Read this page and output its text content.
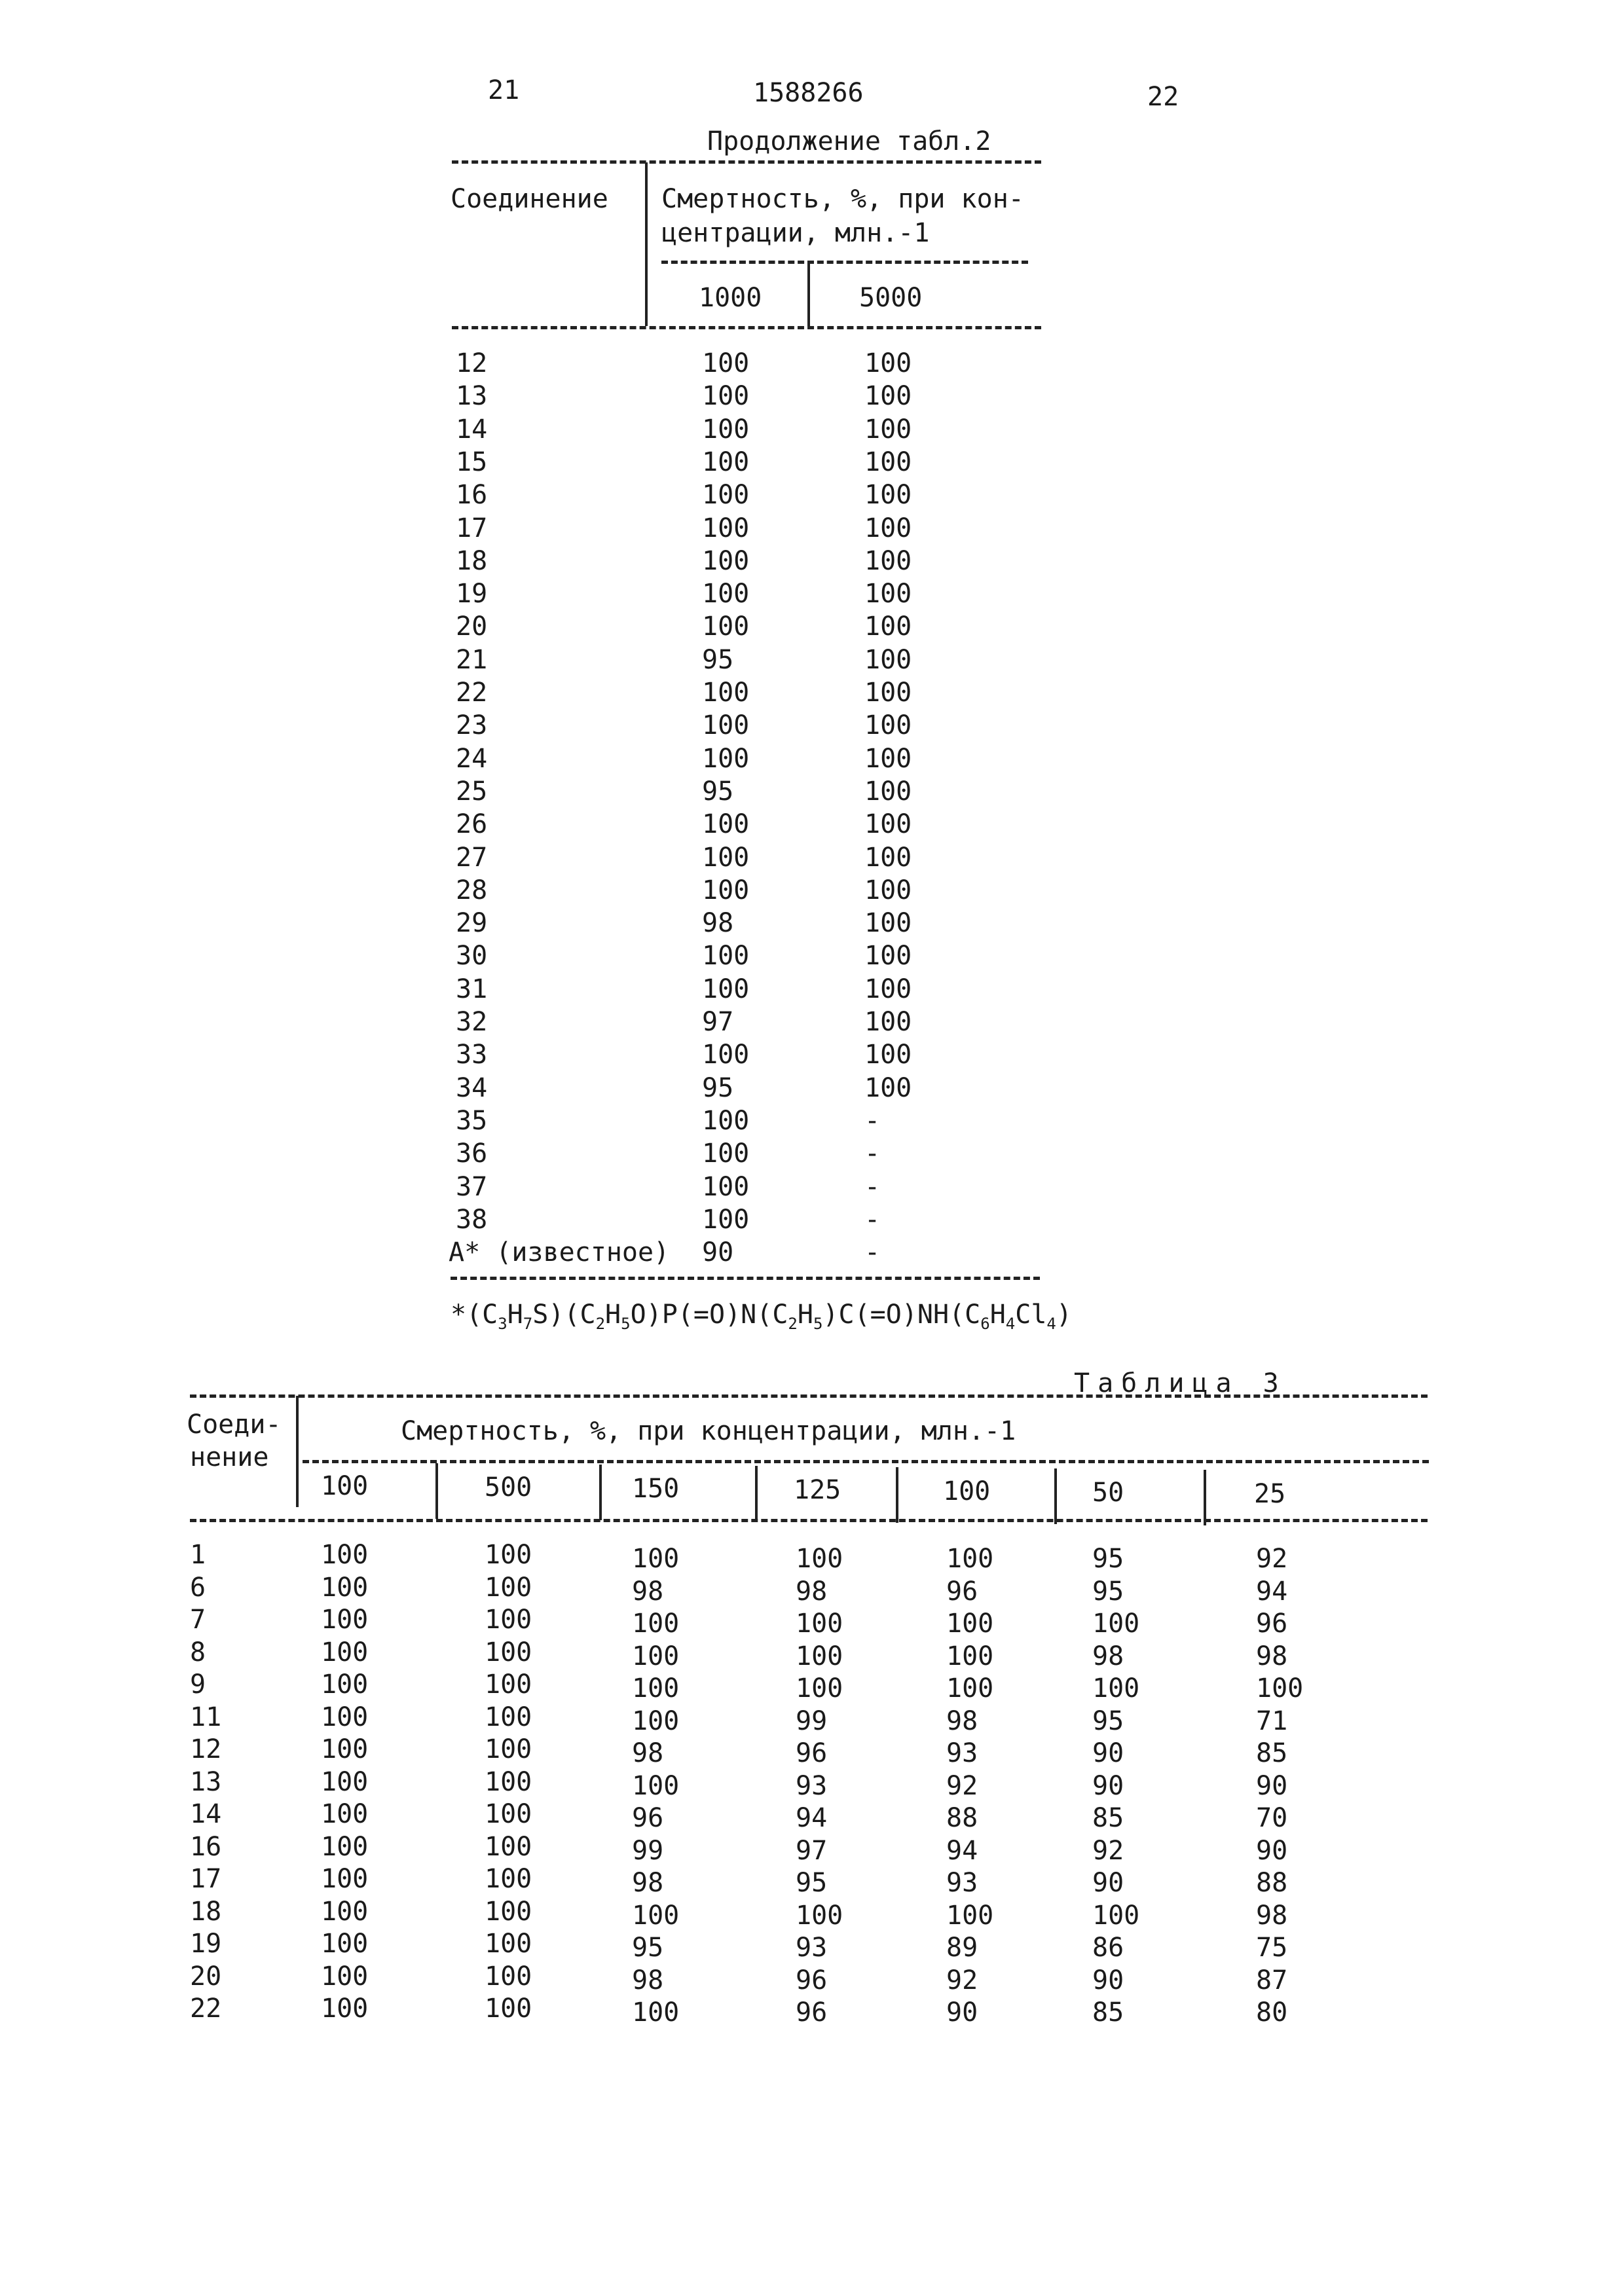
21	1588266	22
Продолжение табл.2
Соединение Смертность, %, при кон-
центрации, млн.-1
1000	5000
12	100	100
13	100	100
14	100	100
15	100	100
16	100	100
17	100	100
18	100	100
19	100	100
20	100	100
21	95	100
22	100	100
23	100	100
24	100	100
25	95	100
26	100	100
27	100	100
28	100	100
29	98	100
30	100	100
31	100	100
32	97	100
33	100	100
34	95	100
35	100	-
36	100	-
37	100	-
38	100	-
A* (известное) 90	-
$*(C_3H_7S)(C_2H_5O)P(=O)N(C_2H_5)C(=O)NH(C_6H_4Cl_4)$
Таблица 3
Соеди-
нение
Смертность, %, при концентрации, млн.-1
100	500	150	125	100	50	25
1	100	100	100	100	100	95	92
6	100	100	98	98	96	95	94
7	100	100	100	100	100	100	96
8	100	100	100	100	100	98	98
9	100	100	100	100	100	100	100
11	100	100	100	99	98	95	71
12	100	100	98	96	93	90	85
13	100	100	100	93	92	90	90
14	100	100	96	94	88	85	70
16	100	100	99	97	94	92	90
17	100	100	98	95	93	90	88
18	100	100	100	100	100	100	98
19	100	100	95	93	89	86	75
20	100	100	98	96	92	90	87
22	100	100	100	96	90	85	80
